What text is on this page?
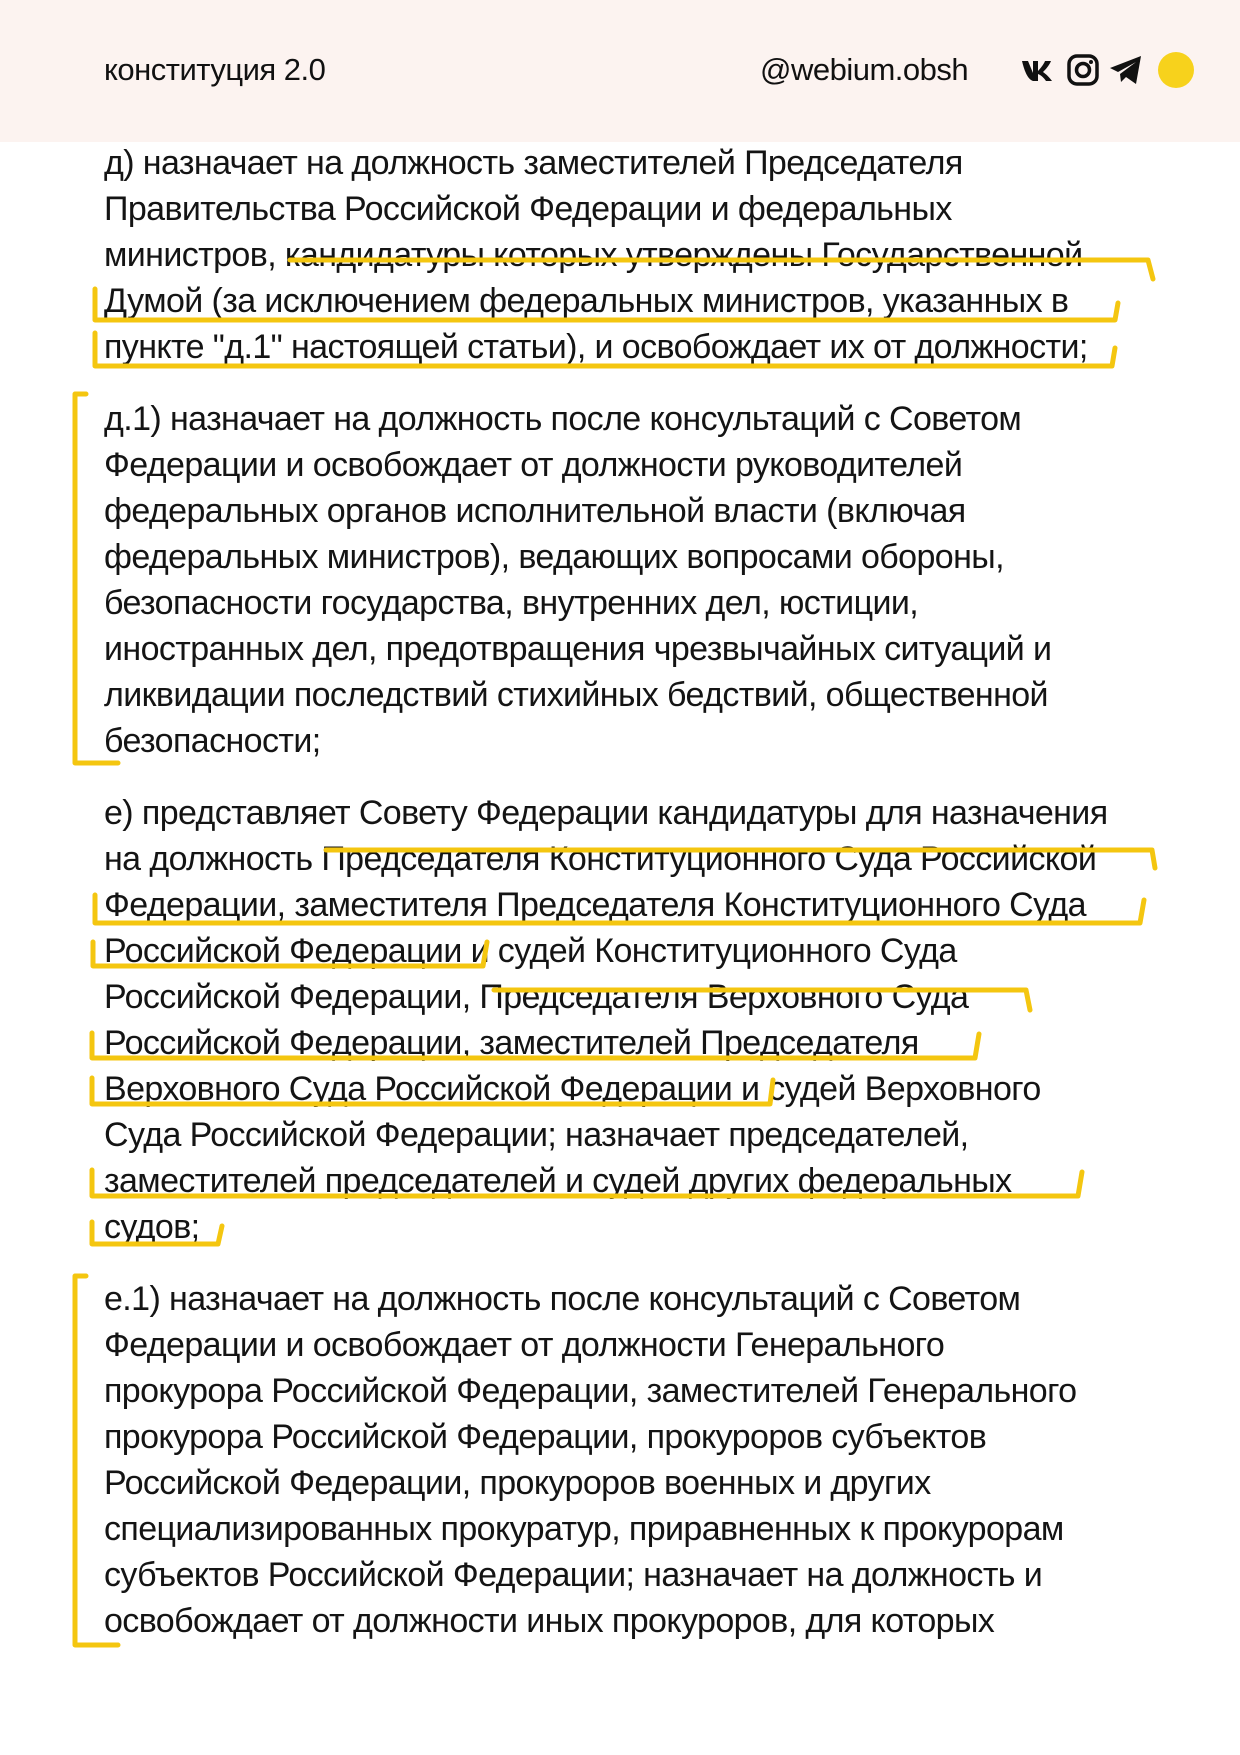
конституция 2.0	@webium.obsh
д) назначает на должность заместителей Председателя
Правительства Российской Федерации и федеральных
министров, кандидатуры которых утверждены Государственной
Думой (за исключением федеральных министров, указанных в
пункте "д.1" настоящей статьи), и освобождает их от должности;
д.1) назначает на должность после консультаций с Советом
Федерации и освобождает от должности руководителей
федеральных органов исполнительной власти (включая
федеральных министров), ведающих вопросами обороны,
безопасности государства, внутренних дел, юстиции,
иностранных дел, предотвращения чрезвычайных ситуаций и
ликвидации последствий стихийных бедствий, общественной
безопасности;
е) представляет Совету Федерации кандидатуры для назначения
на должность Председателя Конституционного Суда Российской
Федерации, заместителя Председателя Конституционного Суда
Российской Федерации и судей Конституционного Суда
Российской Федерации, Председателя Верховного Суда
Российской Федерации, заместителей Председателя
Верховного Суда Российской Федерации и судей Верховного
Суда Российской Федерации; назначает председателей,
заместителей председателей и судей других федеральных
судов;
е.1) назначает на должность после консультаций с Советом
Федерации и освобождает от должности Генерального
прокурора Российской Федерации, заместителей Генерального
прокурора Российской Федерации, прокуроров субъектов
Российской Федерации, прокуроров военных и других
специализированных прокуратур, приравненных к прокурорам
субъектов Российской Федерации; назначает на должность и
освобождает от должности иных прокуроров, для которых
